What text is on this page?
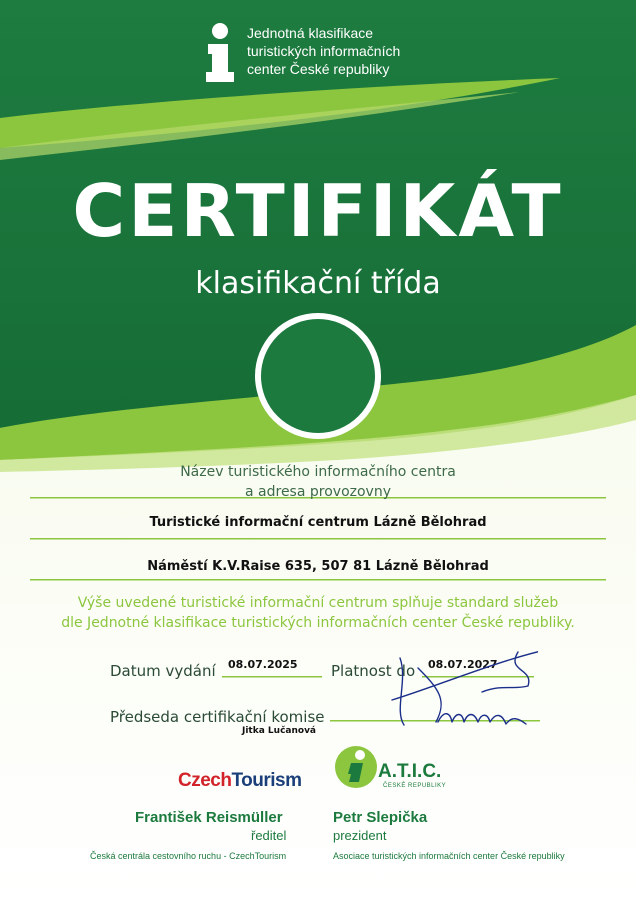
Jednotná klasifikace
turistických informačních
center České republiky
CERTIFIKÁT
klasifikační třída
C
Název turistického informačního centra
a adresa provozovny
Turistické informační centrum Lázně Bělohrad
Náměstí K.V.Raise 635, 507 81 Lázně Bělohrad
Výše uvedené turistické informační centrum splňuje standard služeb
dle Jednotné klasifikace turistických informačních center České republiky.
Datum vydání 08.07.2025 Platnost do 08.07.2027
Předseda certifikační komise
Jitka Lučanová
CzechTourism	A.T.I.C.
ČESKÉ REPUBLIKY
František Reismüller
ředitel
Česká centrála cestovního ruchu - CzechTourism
Petr Slepička
prezident
Asociace turistických informačních center České republiky
